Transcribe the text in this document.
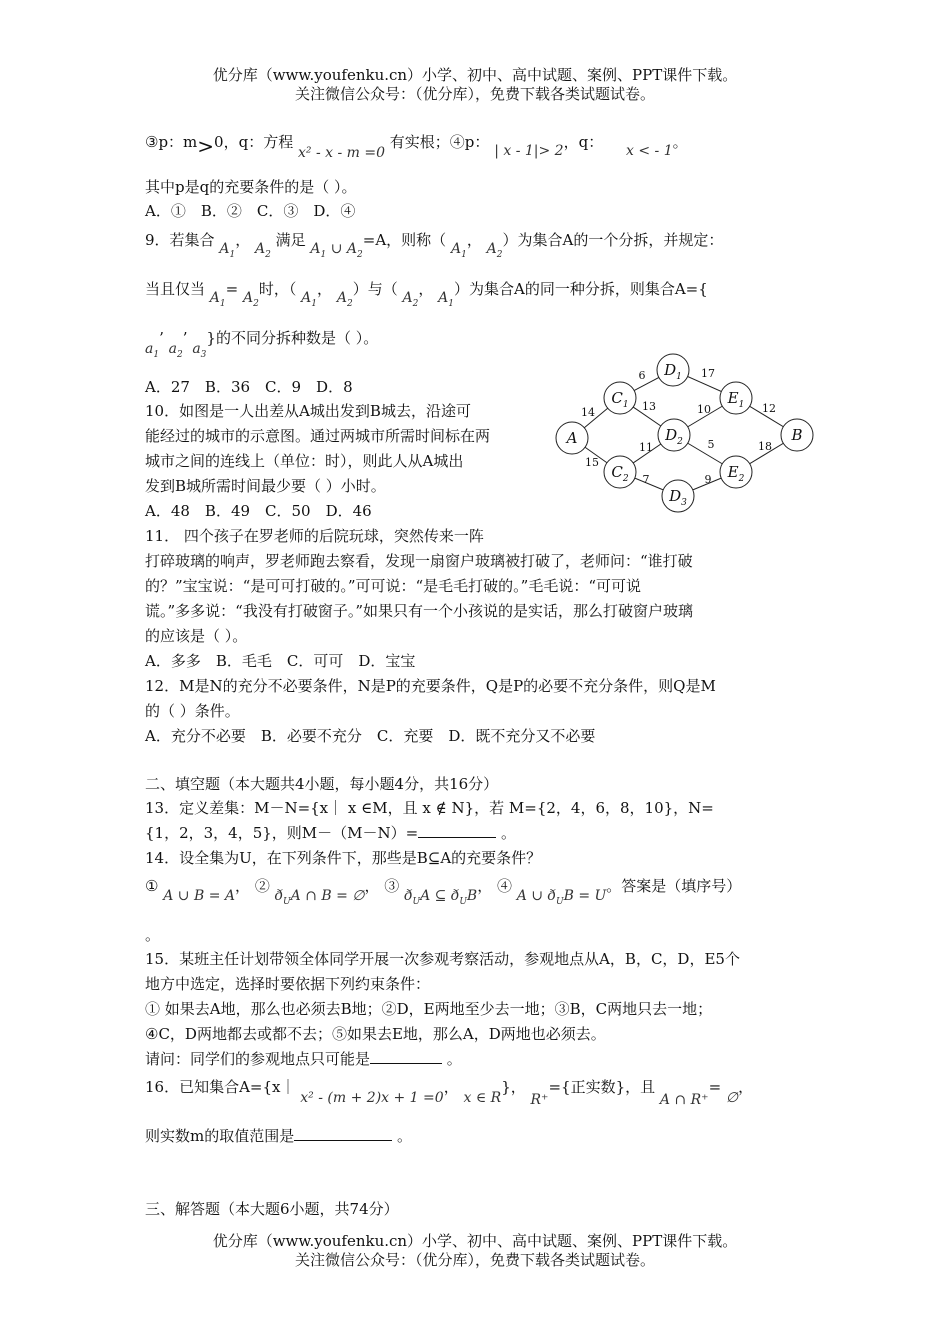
优分库（www.youfenku.cn）小学、初中、高中试题、案例、PPT课件下载。
关注微信公众号：（优分库），免费下载各类试题试卷。
③p：m>0，q：方程 x² - x - m =0 有实根；④p： | x - 1|> 2，q： x < - 1。
其中p是q的充要条件的是（ ）。
A．①　B．②　C．③　D．④
9．若集合 $A_1$， $A_2$ 满足 $A_1$ ∪ $A_2=A$，则称（ $A_1$， $A_2$）为集合A的一个分拆，并规定：
当且仅当 $A_1= A_2$时，（ $A_1$， $A_2$）与（ $A_2$， $A_1$）为集合A的同一种分拆，则集合A={
$a_1$’ $a_2$’ $a_3$}的不同分拆种数是（ ）。
A．27　B．36　C．9　D．8
10．如图是一人出差从A城出发到B城去，沿途可
能经过的城市的示意图。通过两城市所需时间标在两
城市之间的连线上（单位：时），则此人从A城出
发到B城所需时间最少要（ ）小时。
A．48　B．49　C．50　D．46
A
$C_1$
$D_1$
$E_1$
B
$D_2$
$C_2$	$E_2$
$D_3$
6	17
14	13	10	12
11	5	18
15
7	9
11． 四个孩子在罗老师的后院玩球，突然传来一阵
打碎玻璃的响声，罗老师跑去察看，发现一扇窗户玻璃被打破了，老师问：“谁打破
的？”宝宝说：“是可可打破的。”可可说：“是毛毛打破的。”毛毛说：“可可说
谎。”多多说：“我没有打破窗子。”如果只有一个小孩说的是实话，那么打破窗户玻璃
的应该是（ ）。
A．多多　B．毛毛　C．可可　D．宝宝
12．M是N的充分不必要条件，N是P的充要条件，Q是P的必要不充分条件，则Q是M
的（ ）条件。
A．充分不必要　B．必要不充分　C．充要　D．既不充分又不必要
二、填空题（本大题共4小题，每小题4分，共16分）
13．定义差集：M－N={x｜ x ∈M，且 x ∉ N}，若 M={2，4，6，8，10}，N=
{1，2，3，4，5}，则M－（M－N）=	。
14．设全集为U，在下列条件下，那些是B⊆A的充要条件？
① A ∪ B = A， ② $ð_UA$ ∩ B = ∅， ③ $ð_UA$ ⊆ $ð_UB$， ④ A ∪ $ð_UB = U$。答案是（填序号）
。
15．某班主任计划带领全体同学开展一次参观考察活动，参观地点从A，B，C，D，E5个
地方中选定，选择时要依据下列约束条件：
① 如果去A地，那么也必须去B地；②D，E两地至少去一地；③B，C两地只去一地；
④C，D两地都去或都不去；⑤如果去E地，那么A，D两地也必须去。
请问：同学们的参观地点只可能是	。
16．已知集合A={x｜ x² - (m + 2)x + 1 =0， x ∈ R}， R⁺={正实数}，且 A ∩ R⁺= ∅，
则实数m的取值范围是	。
三、解答题（本大题6小题，共74分）
优分库（www.youfenku.cn）小学、初中、高中试题、案例、PPT课件下载。
关注微信公众号：（优分库），免费下载各类试题试卷。
